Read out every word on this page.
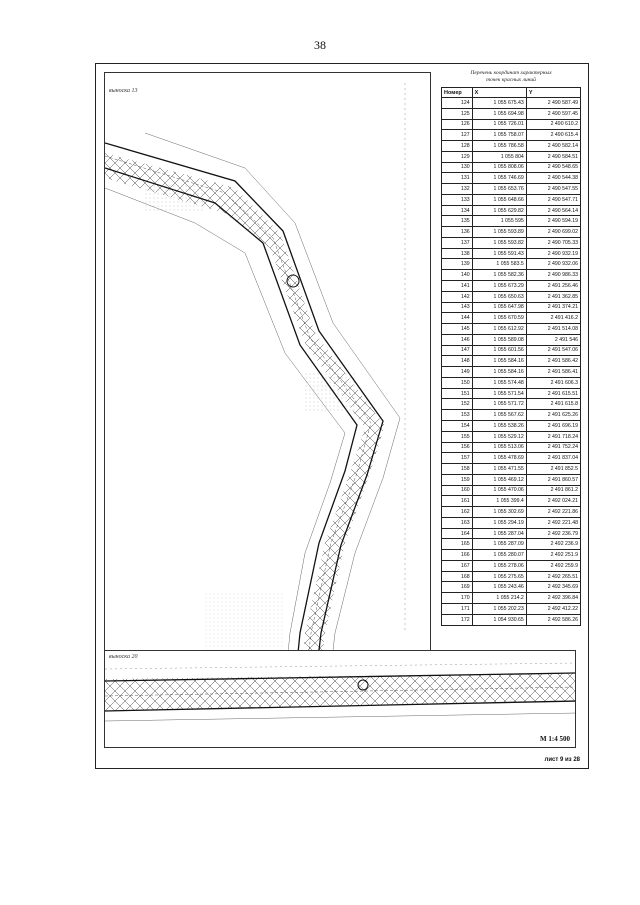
38
выноска 13
Перечень координат характерных
точек красных линий
Номер	X	Y
124	1 055 675.43	2 490 587.49
125	1 055 694.98	2 490 597.45
126	1 055 726.01	2 490 610.2
127	1 055 758.07	2 490 615.4
128	1 055 786.58	2 490 582.14
129	1 055 804	2 490 584.51
130	1 055 808.06	2 490 548.65
131	1 055 746.69	2 490 544.38
132	1 055 653.76	2 490 547.55
133	1 055 648.66	2 490 547.71
134	1 055 629.82	2 490 564.14
135	1 055 595	2 490 594.19
136	1 055 593.89	2 490 699.02
137	1 055 593.82	2 490 705.33
138	1 055 591.43	2 490 932.19
139	1 055 583.5	2 490 932.06
140	1 055 582.36	2 490 986.33
141	1 055 673.29	2 491 256.46
142	1 055 650.63	2 491 362.85
143	1 055 647.98	2 491 374.21
144	1 055 670.59	2 491 416.2
145	1 055 612.92	2 491 514.08
146	1 055 589.08	2 491 546
147	1 055 601.56	2 491 547.06
148	1 055 584.16	2 491 586.42
149	1 055 584.16	2 491 586.41
150	1 055 574.48	2 491 606.3
151	1 055 571.54	2 491 615.51
152	1 055 571.72	2 491 615.8
153	1 055 567.62	2 491 625.26
154	1 055 538.26	2 491 696.19
155	1 055 529.12	2 491 718.24
156	1 055 513.06	2 491 752.24
157	1 055 478.69	2 491 837.04
158	1 055 471.55	2 491 852.5
159	1 055 469.12	2 491 860.57
160	1 055 470.06	2 491 861.2
161	1 055 399.4	2 492 024.21
162	1 055 302.69	2 492 221.86
163	1 055 294.19	2 492 221.48
164	1 055 287.04	2 492 236.79
165	1 055 287.09	2 492 236.9
166	1 055 280.07	2 492 251.9
167	1 055 278.06	2 492 259.9
168	1 055 275.65	2 492 265.51
169	1 055 243.46	2 492 345.69
170	1 055 214.2	2 492 396.84
171	1 055 202.23	2 492 412.22
172	1 054 930.65	2 492 586.26
выноска 20
М 1:4 500
лист 9 из 28
